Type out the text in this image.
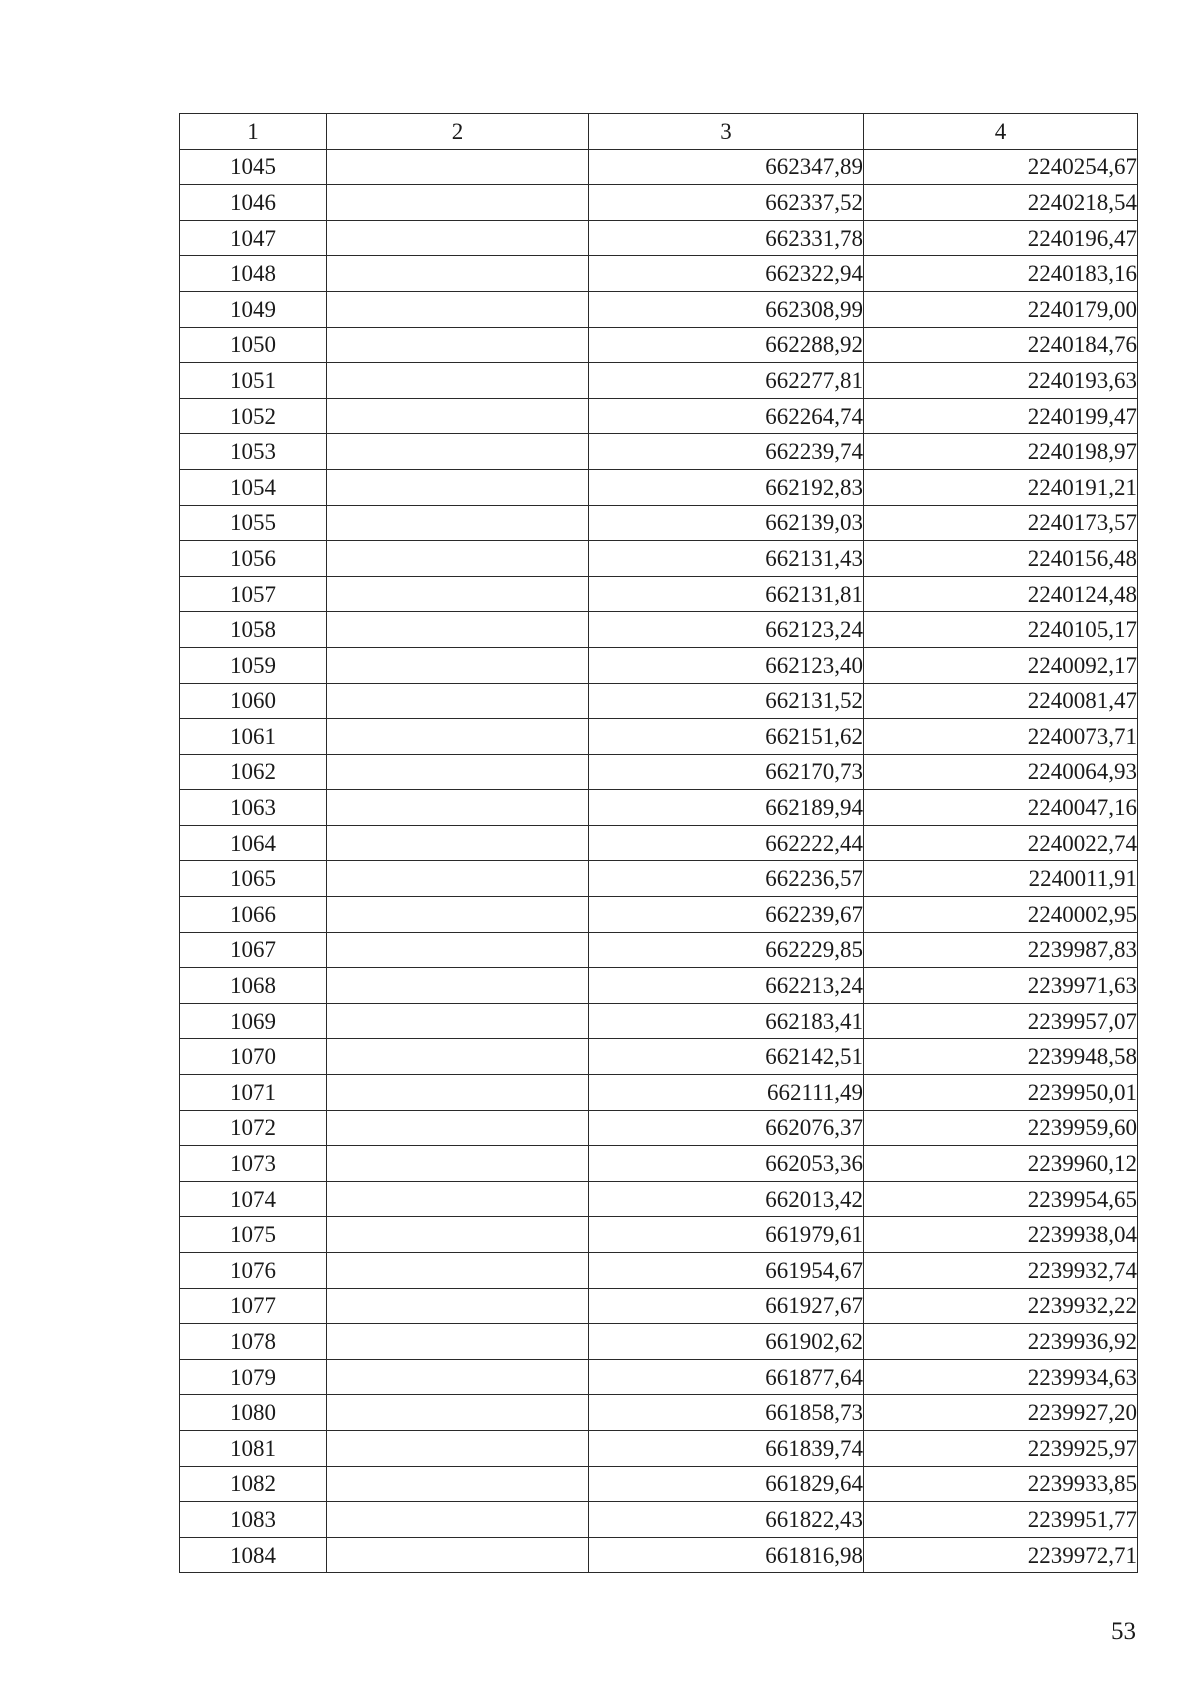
1	2	3	4
1045		662347,89	2240254,67
1046		662337,52	2240218,54
1047		662331,78	2240196,47
1048		662322,94	2240183,16
1049		662308,99	2240179,00
1050		662288,92	2240184,76
1051		662277,81	2240193,63
1052		662264,74	2240199,47
1053		662239,74	2240198,97
1054		662192,83	2240191,21
1055		662139,03	2240173,57
1056		662131,43	2240156,48
1057		662131,81	2240124,48
1058		662123,24	2240105,17
1059		662123,40	2240092,17
1060		662131,52	2240081,47
1061		662151,62	2240073,71
1062		662170,73	2240064,93
1063		662189,94	2240047,16
1064		662222,44	2240022,74
1065		662236,57	2240011,91
1066		662239,67	2240002,95
1067		662229,85	2239987,83
1068		662213,24	2239971,63
1069		662183,41	2239957,07
1070		662142,51	2239948,58
1071		662111,49	2239950,01
1072		662076,37	2239959,60
1073		662053,36	2239960,12
1074		662013,42	2239954,65
1075		661979,61	2239938,04
1076		661954,67	2239932,74
1077		661927,67	2239932,22
1078		661902,62	2239936,92
1079		661877,64	2239934,63
1080		661858,73	2239927,20
1081		661839,74	2239925,97
1082		661829,64	2239933,85
1083		661822,43	2239951,77
1084		661816,98	2239972,71
53
